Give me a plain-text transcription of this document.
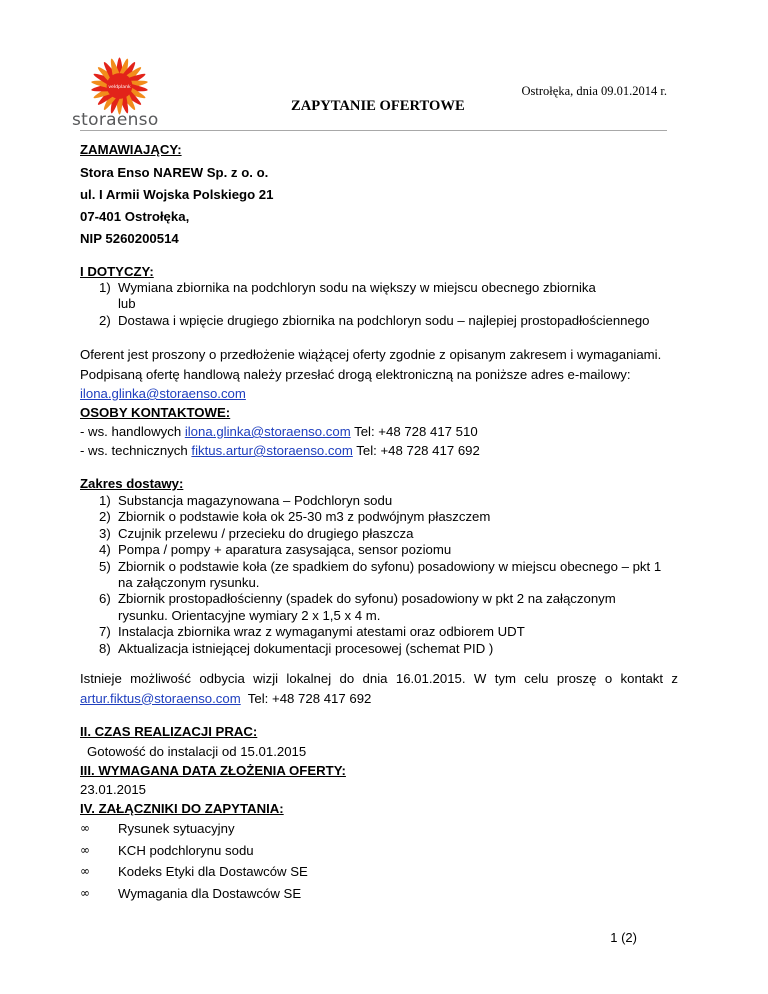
veldplank
storaenso
Ostrołęka, dnia 09.01.2014 r.
ZAPYTANIE OFERTOWE
ZAMAWIAJĄCY:
Stora Enso NAREW Sp. z o. o.
ul. I Armii Wojska Polskiego 21
07-401 Ostrołęka,
NIP 5260200514
I DOTYCZY:
1) Wymiana zbiornika na podchloryn sodu na większy w miejscu obecnego zbiornika
lub
2) Dostawa i wpięcie drugiego zbiornika na podchloryn sodu – najlepiej prostopadłościennego
Oferent jest proszony o przedłożenie wiążącej oferty zgodnie z opisanym zakresem i wymaganiami.
Podpisaną ofertę handlową należy przesłać drogą elektroniczną na poniższe adres e-mailowy:
ilona.glinka@storaenso.com
OSOBY KONTAKTOWE:
- ws. handlowych ilona.glinka@storaenso.com Tel: +48 728 417 510
- ws. technicznych fiktus.artur@storaenso.com Tel: +48 728 417 692
Zakres dostawy:
1) Substancja magazynowana – Podchloryn sodu
2) Zbiornik o podstawie koła ok 25-30 m3 z podwójnym płaszczem
3) Czujnik przelewu / przecieku do drugiego płaszcza
4) Pompa / pompy + aparatura zasysająca, sensor poziomu
5) Zbiornik o podstawie koła (ze spadkiem do syfonu) posadowiony w miejscu obecnego – pkt 1
na załączonym rysunku.
6) Zbiornik prostopadłościenny (spadek do syfonu) posadowiony w pkt 2 na załączonym
rysunku. Orientacyjne wymiary 2 x 1,5 x 4 m.
7) Instalacja zbiornika wraz z wymaganymi atestami oraz odbiorem UDT
8) Aktualizacja istniejącej dokumentacji procesowej (schemat PID )
Istnieje możliwość odbycia wizji lokalnej do dnia 16.01.2015. W tym celu proszę o kontakt z artur.fiktus@storaenso.com  Tel: +48 728 417 692
II. CZAS REALIZACJI PRAC:
Gotowość do instalacji od 15.01.2015
III. WYMAGANA DATA ZŁOŻENIA OFERTY:
23.01.2015
IV. ZAŁĄCZNIKI DO ZAPYTANIA:
∞ Rysunek sytuacyjny
∞ KCH podchlorynu sodu
∞ Kodeks Etyki dla Dostawców SE
∞ Wymagania dla Dostawców SE
1 (2)
